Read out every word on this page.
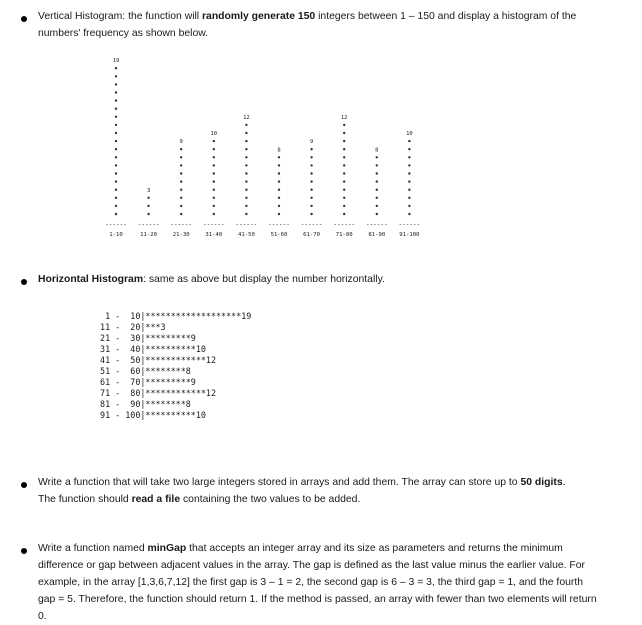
Vertical Histogram: the function will randomly generate 150 integers between 1 – 150 and display a histogram of the numbers' frequency as shown below.
19
------
1-10
3
------
11-20
9
------
21-30
10
------
31-40
12
------
41-50
8
------
51-60
9
------
61-70
12
------
71-80
8
------
81-90
10
------
91-100
Horizontal Histogram: same as above but display the number horizontally.
1 -  10|*******************19
11 -  20|***3
21 -  30|*********9
31 -  40|**********10
41 -  50|************12
51 -  60|********8
61 -  70|*********9
71 -  80|************12
81 -  90|********8
91 - 100|**********10
Write a function that will take two large integers stored in arrays and add them. The array can store up to 50 digits. The function should read a file containing the two values to be added.
Write a function named minGap that accepts an integer array and its size as parameters and returns the minimum difference or gap between adjacent values in the array. The gap is defined as the last value minus the earlier value. For example, in the array [1,3,6,7,12] the first gap is 3 – 1 = 2, the second gap is 6 – 3 = 3, the third gap = 1, and the fourth gap = 5. Therefore, the function should return 1. If the method is passed, an array with fewer than two elements will return 0.
